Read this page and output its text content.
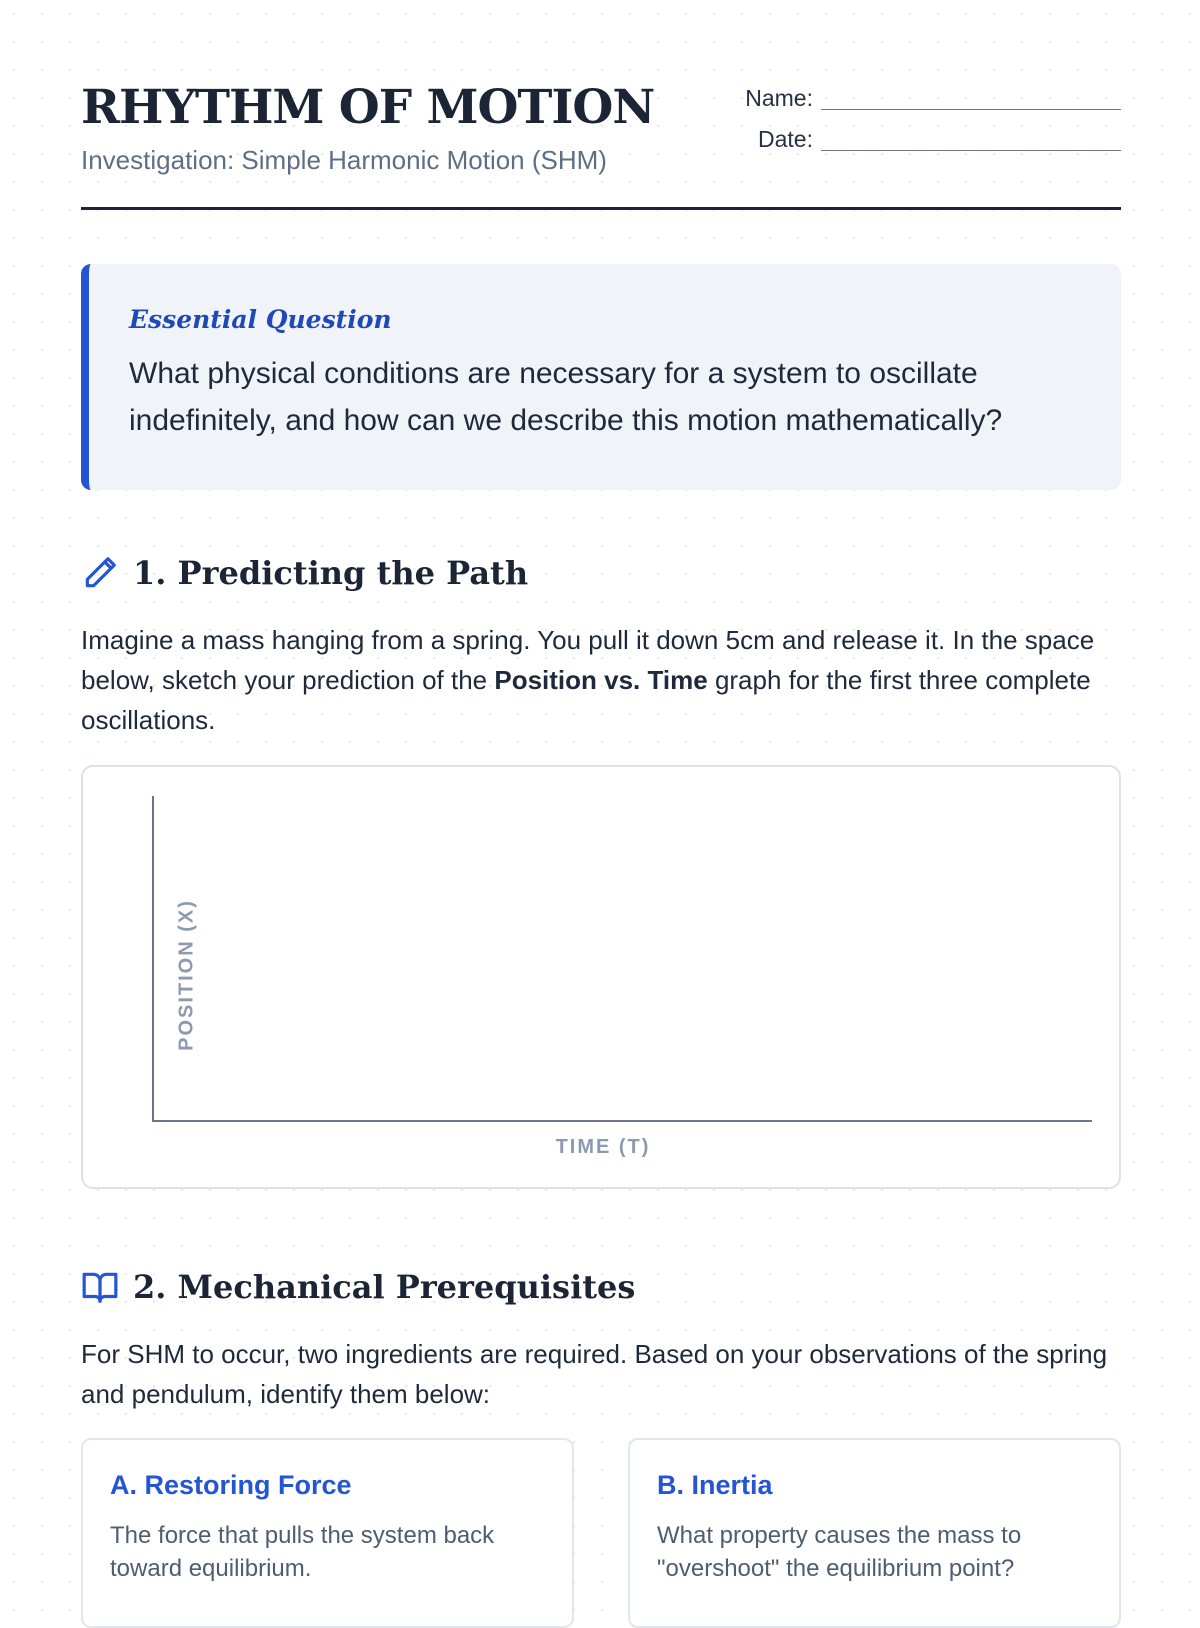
RHYTHM OF MOTION
Investigation: Simple Harmonic Motion (SHM)
Name:
Date:

Essential Question

What physical conditions are necessary for a system to oscillate indefinitely, and how can we describe this motion mathematically?

1. Predicting the Path

Imagine a mass hanging from a spring. You pull it down 5cm and release it. In the space below, sketch your prediction of the Position vs. Time graph for the first three complete oscillations.

POSITION (X)
TIME (T)
2. Mechanical Prerequisites

For SHM to occur, two ingredients are required. Based on your observations of the spring and pendulum, identify them below:

A. Restoring Force

The force that pulls the system back toward equilibrium.

B. Inertia

What property causes the mass to "overshoot" the equilibrium point?
